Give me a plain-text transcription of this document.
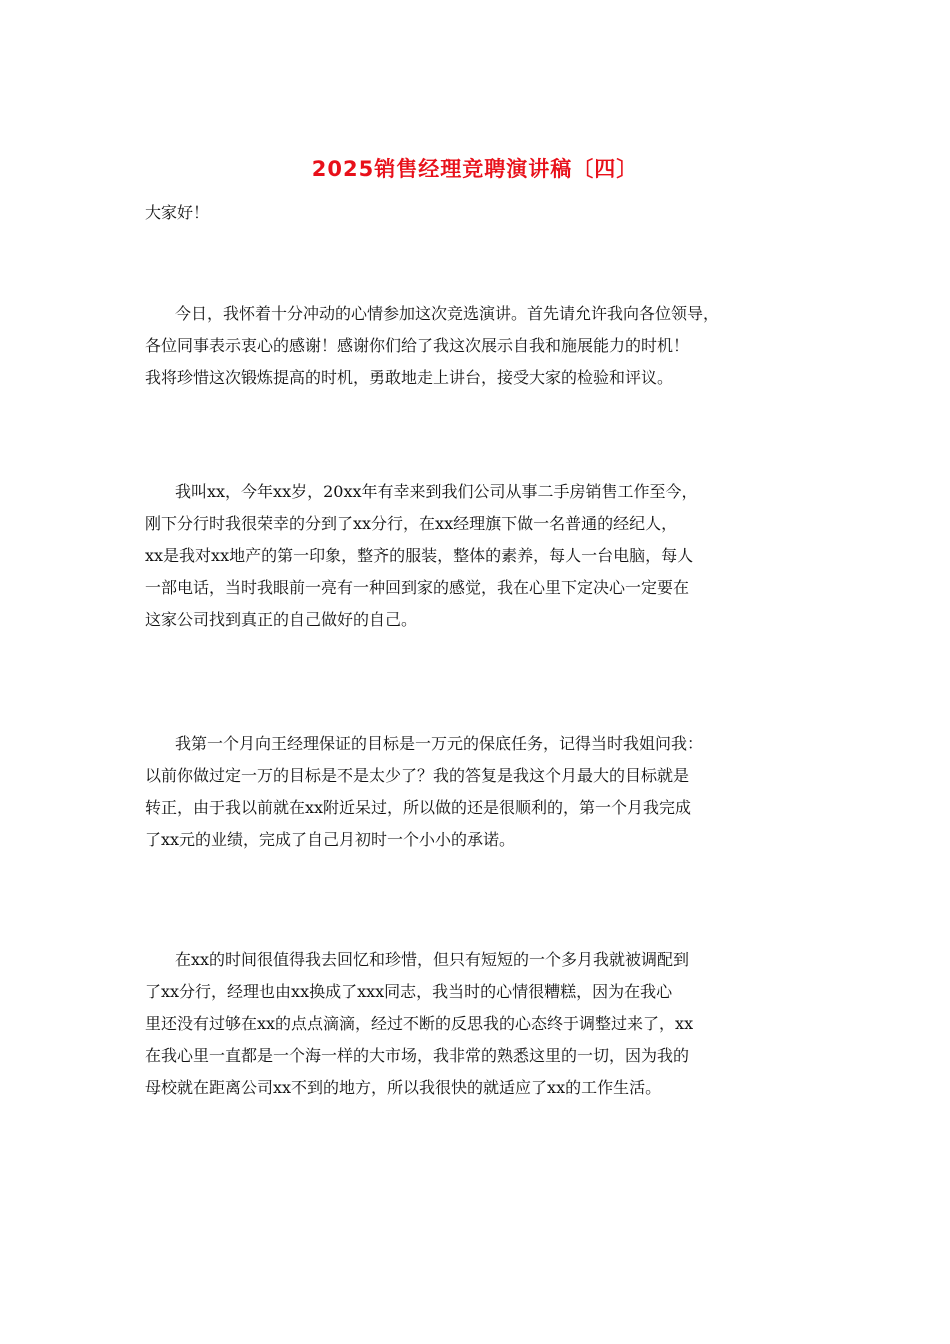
2025销售经理竞聘演讲稿〔四〕

大家好！

今日，我怀着十分冲动的心情参加这次竞选演讲。首先请允许我向各位领导，
各位同事表示衷心的感谢！感谢你们给了我这次展示自我和施展能力的时机！
我将珍惜这次锻炼提高的时机，勇敢地走上讲台，接受大家的检验和评议。
我叫xx，今年xx岁，20xx年有幸来到我们公司从事二手房销售工作至今，
刚下分行时我很荣幸的分到了xx分行，在xx经理旗下做一名普通的经纪人，
xx是我对xx地产的第一印象，整齐的服装，整体的素养，每人一台电脑，每人
一部电话，当时我眼前一亮有一种回到家的感觉，我在心里下定决心一定要在
这家公司找到真正的自己做好的自己。
我第一个月向王经理保证的目标是一万元的保底任务，记得当时我姐问我：
以前你做过定一万的目标是不是太少了？我的答复是我这个月最大的目标就是
转正，由于我以前就在xx附近呆过，所以做的还是很顺利的，第一个月我完成
了xx元的业绩，完成了自己月初时一个小小的承诺。
在xx的时间很值得我去回忆和珍惜，但只有短短的一个多月我就被调配到
了xx分行，经理也由xx换成了xxx同志，我当时的心情很糟糕，因为在我心
里还没有过够在xx的点点滴滴，经过不断的反思我的心态终于调整过来了，xx
在我心里一直都是一个海一样的大市场，我非常的熟悉这里的一切，因为我的
母校就在距离公司xx不到的地方，所以我很快的就适应了xx的工作生活。
